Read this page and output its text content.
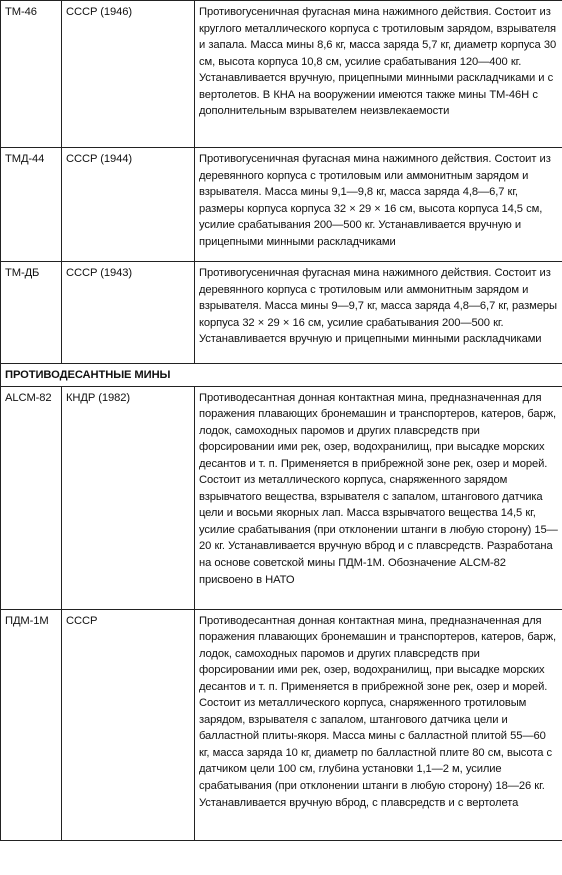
ТМ-46	СССР (1946)	Противогусеничная фугасная мина нажимного действия. Состоит из круглого металлического корпуса с тротиловым зарядом, взрывателя и запала. Масса мины 8,6 кг, масса заряда 5,7 кг, диаметр корпуса 30 см, высота корпуса 10,8 см, усилие срабатывания 120—400 кг. Устанавливается вручную, прицепными минными раскладчиками и с вертолетов. В КНА на вооружении имеются также мины ТМ-46Н с дополнительным взрывателем неизвлекаемости
ТМД-44	СССР (1944)	Противогусеничная фугасная мина нажимного действия. Состоит из деревянного корпуса с тротиловым или аммонитным зарядом и взрывателя. Масса мины 9,1—9,8 кг, масса заряда 4,8—6,7 кг, размеры корпуса корпуса 32 × 29 × 16 см, высота корпуса 14,5 см, усилие срабатывания 200—500 кг. Устанавливается вручную и прицепными минными раскладчиками
ТМ-ДБ	СССР (1943)	Противогусеничная фугасная мина нажимного действия. Состоит из деревянного корпуса с тротиловым или аммонитным зарядом и взрывателя. Масса мины 9—9,7 кг, масса заряда 4,8—6,7 кг, размеры корпуса 32 × 29 × 16 см, усилие срабатывания 200—500 кг. Устанавливается вручную и прицепными минными раскладчиками
ПРОТИВОДЕСАНТНЫЕ МИНЫ		
ALCM-82	КНДР (1982)	Противодесантная донная контактная мина, предназначенная для поражения плавающих бронемашин и транспортеров, катеров, барж, лодок, самоходных паромов и других плавсредств при форсировании ими рек, озер, водохранилищ, при высадке морских десантов и т. п. Применяется в прибрежной зоне рек, озер и морей. Состоит из металлического корпуса, снаряженного зарядом взрывчатого вещества, взрывателя с запалом, штангового датчика цели и восьми якорных лап. Масса взрывчатого вещества 14,5 кг, усилие срабатывания (при отклонении штанги в любую сторону) 15—20 кг. Устанавливается вручную вброд и с плавсредств. Разработана на основе советской мины ПДМ-1М. Обозначение ALCM-82 присвоено в НАТО
ПДМ-1М	СССР	Противодесантная донная контактная мина, предназначенная для поражения плавающих бронемашин и транспортеров, катеров, барж, лодок, самоходных паромов и других плавсредств при форсировании ими рек, озер, водохранилищ, при высадке морских десантов и т. п. Применяется в прибрежной зоне рек, озер и морей. Состоит из металлического корпуса, снаряженного тротиловым зарядом, взрывателя с запалом, штангового датчика цели и балластной плиты-якоря. Масса мины с балластной плитой 55—60 кг, масса заряда 10 кг, диаметр по балластной плите 80 см, высота с датчиком цели 100 см, глубина установки 1,1—2 м, усилие срабатывания (при отклонении штанги в любую сторону) 18—26 кг. Устанавливается вручную вброд, с плавсредств и с вертолета
